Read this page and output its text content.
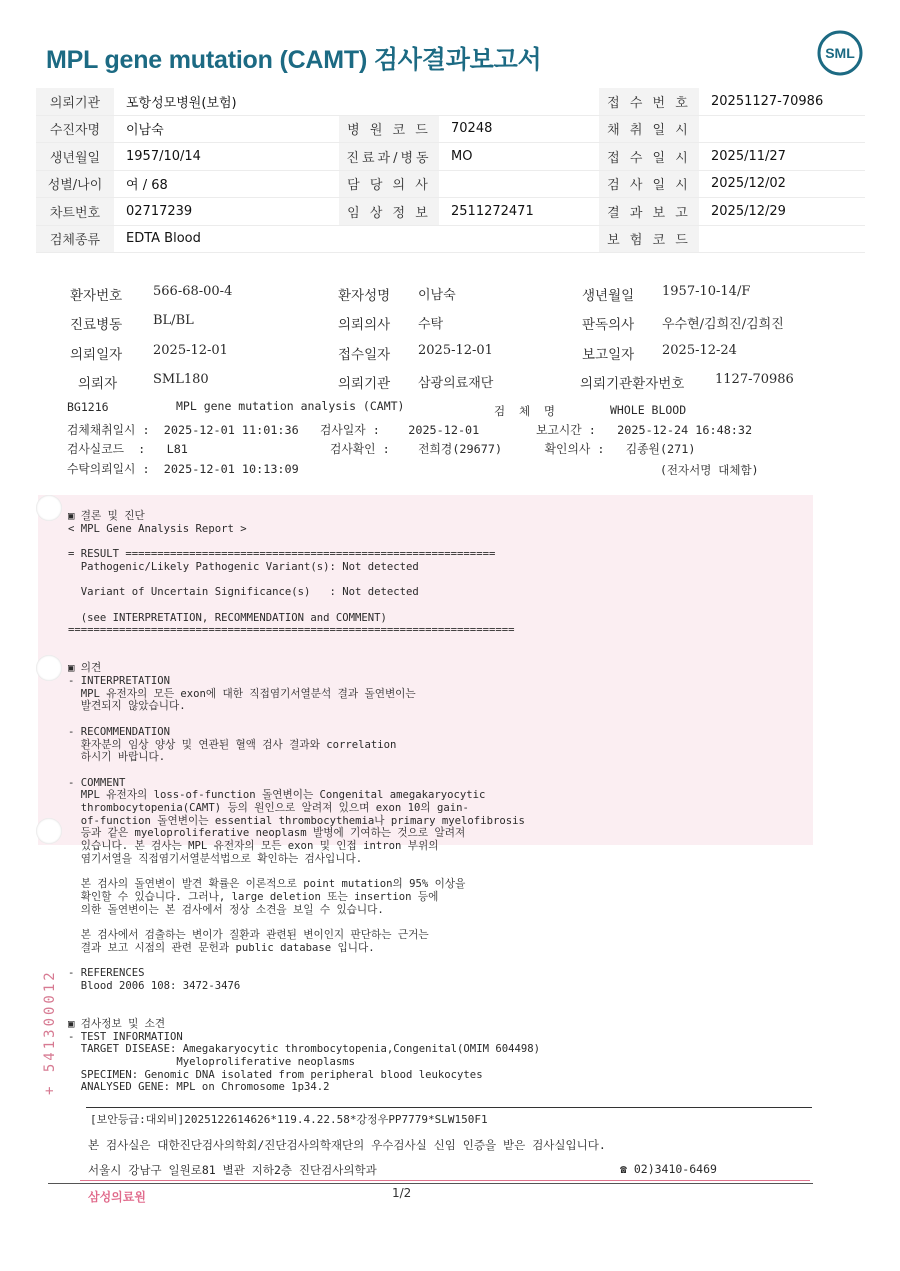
MPL gene mutation (CAMT) 검사결과보고서	SML
의뢰기관	포항성모병원(보험)			접 수 번 호	20251127-70986
수진자명	이남숙	병 원 코 드	70248	채 취 일 시	
생년월일	1957/10/14	진료과/병동	MO	접 수 일 시	2025/11/27
성별/나이	여 / 68	담 당 의 사		검 사 일 시	2025/12/02
차트번호	02717239	임 상 정 보	2511272471	결 과 보 고	2025/12/29
검체종류	EDTA Blood			보 험 코 드	
환자번호 566-68-00-4	환자성명 이남숙	생년월일 1957-10-14/F
진료병동 BL/BL	의뢰의사 수탁	판독의사 우수현/김희진/김희진
의뢰일자 2025-12-01	접수일자 2025-12-01	보고일자 2025-12-24
의뢰자	SML180	의뢰기관 삼광의료재단	의뢰기관환자번호 1127-70986
BG1216	MPL gene mutation analysis (CAMT)	검  체  명	WHOLE BLOOD
검체채취일시 :  2025-12-01 11:01:36   검사일자 :    2025-12-01        보고시간 :   2025-12-24 16:48:32
검사실코드  :   L81                    검사확인 :    전희경(29677)      확인의사 :   김종원(271)
수탁의뢰일시 :  2025-12-01 10:13:09	(전자서명 대체함)
▣ 결론 및 진단
< MPL Gene Analysis Report >
= RESULT ==========================================================
Pathogenic/Likely Pathogenic Variant(s): Not detected
Variant of Uncertain Significance(s)   : Not detected
(see INTERPRETATION, RECOMMENDATION and COMMENT)
======================================================================
▣ 의견
- INTERPRETATION
MPL 유전자의 모든 exon에 대한 직접염기서열분석 결과 돌연변이는
발견되지 않았습니다.
- RECOMMENDATION
환자분의 임상 양상 및 연관된 혈액 검사 결과와 correlation
하시기 바랍니다.
- COMMENT
MPL 유전자의 loss-of-function 돌연변이는 Congenital amegakaryocytic
thrombocytopenia(CAMT) 등의 원인으로 알려져 있으며 exon 10의 gain-
of-function 돌연변이는 essential thrombocythemia나 primary myelofibrosis
등과 같은 myeloproliferative neoplasm 발병에 기여하는 것으로 알려져
있습니다. 본 검사는 MPL 유전자의 모든 exon 및 인접 intron 부위의
염기서열을 직접염기서열분석법으로 확인하는 검사입니다.
본 검사의 돌연변이 발견 확률은 이론적으로 point mutation의 95% 이상을
확인할 수 있습니다. 그러나, large deletion 또는 insertion 등에
의한 돌연변이는 본 검사에서 정상 소견을 보일 수 있습니다.
본 검사에서 검출하는 변이가 질환과 관련된 변이인지 판단하는 근거는
결과 보고 시점의 관련 문헌과 public database 입니다.
- REFERENCES
Blood 2006 108: 3472-3476
▣ 검사정보 및 소견
- TEST INFORMATION
TARGET DISEASE: Amegakaryocytic thrombocytopenia,Congenital(OMIM 604498)
Myeloproliferative neoplasms
SPECIMEN: Genomic DNA isolated from peripheral blood leukocytes
ANALYSED GENE: MPL on Chromosome 1p34.2
+ 541300012
[보안등급:대외비]2025122614626*119.4.22.58*강정우PP7779*SLW150F1
본 검사실은 대한진단검사의학회/진단검사의학재단의 우수검사실 신임 인증을 받은 검사실입니다.
서울시 강남구 일원로81 별관 지하2층 진단검사의학과	☎ 02)3410-6469
삼성의료원	1/2
